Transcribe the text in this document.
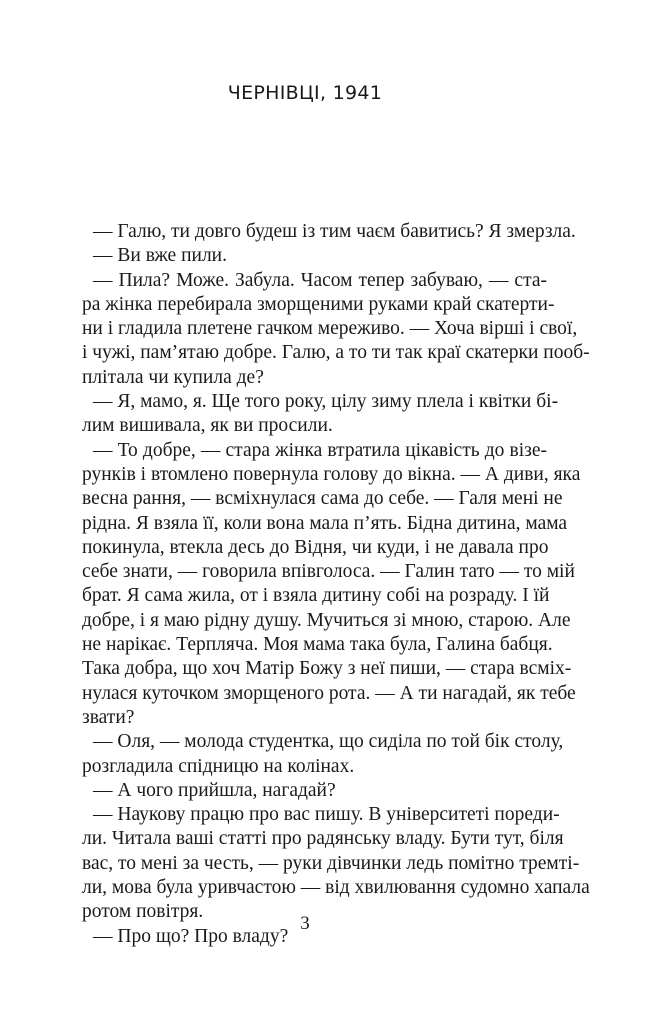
ЧЕРНІВЦІ, 1941
— Галю, ти довго будеш із тим чаєм бавитись? Я змерзла.
— Ви вже пили.
— Пила? Може. Забула. Часом тепер забуваю, — ста-
ра жінка перебирала зморщеними руками край скатерти-
ни і гладила плетене гачком мереживо. — Хоча вірші і свої,
і чужі, пам’ятаю добре. Галю, а то ти так краї скатерки пооб-
плітала чи купила де?
— Я, мамо, я. Ще того року, цілу зиму плела і квітки бі-
лим вишивала, як ви просили.
— То добре, — стара жінка втратила цікавість до візе-
рунків і втомлено повернула голову до вікна. — А диви, яка
весна рання, — всміхнулася сама до себе. — Галя мені не
рідна. Я взяла її, коли вона мала п’ять. Бідна дитина, мама
покинула, втекла десь до Відня, чи куди, і не давала про
себе знати, — говорила впівголоса. — Галин тато — то мій
брат. Я сама жила, от і взяла дитину собі на розраду. І їй
добре, і я маю рідну душу. Мучиться зі мною, старою. Але
не нарікає. Терпляча. Моя мама така була, Галина бабця.
Така добра, що хоч Матір Божу з неї пиши, — стара всміх-
нулася куточком зморщеного рота. — А ти нагадай, як тебе
звати?
— Оля, — молода студентка, що сиділа по той бік столу,
розгладила спідницю на колінах.
— А чого прийшла, нагадай?
— Наукову працю про вас пишу. В університеті пореди-
ли. Читала ваші статті про радянську владу. Бути тут, біля
вас, то мені за честь, — руки дівчинки ледь помітно тремті-
ли, мова була уривчастою — від хвилювання судомно хапала
ротом повітря.
— Про що? Про владу?
3
